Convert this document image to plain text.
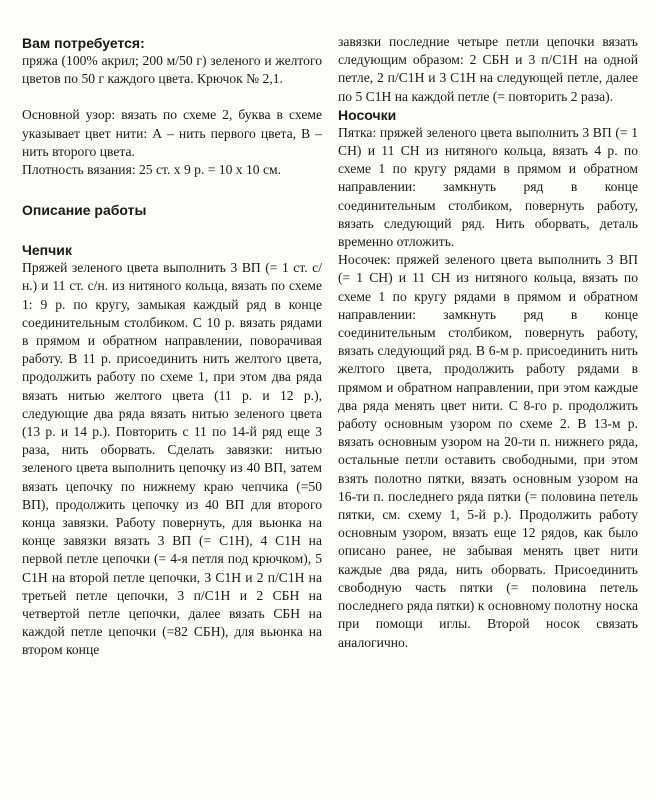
Вам потребуется:

пряжа (100% акрил; 200 м/50 г) зеленого и желтого цветов по 50 г каждого цвета. Крючок № 2,1.

Основной узор: вязать по схеме 2, буква в схеме указывает цвет нити: А – нить первого цвета, В – нить второго цвета.

Плотность вязания: 25 ст. х 9 р. = 10 х 10 см.

Описание работы

Чепчик

Пряжей зеленого цвета выполнить 3 ВП (= 1 ст. с/н.) и 11 ст. с/н. из нитяного кольца, вязать по схеме 1: 9 р. по кругу, замыкая каждый ряд в конце соединительным столбиком. С 10 р. вязать рядами в прямом и обратном направлении, поворачивая работу. В 11 р. присоединить нить желтого цвета, продолжить работу по схеме 1, при этом два ряда вязать нитью желтого цвета (11 р. и 12 р.), следующие два ряда вязать нитью зеленого цвета (13 р. и 14 р.). Повторить с 11 по 14-й ряд еще 3 раза, нить оборвать. Сделать завязки: нитью зеленого цвета выполнить цепочку из 40 ВП, затем вязать цепочку по нижнему краю чепчика (=50 ВП), продолжить цепочку из 40 ВП для второго конца завязки. Работу повернуть, для вьюнка на конце завязки вязать 3 ВП (= С1Н), 4 С1Н на первой петле цепочки (= 4-я петля под крючком), 5 С1Н на второй петле цепочки, 3 С1Н и 2 п/С1Н на третьей петле цепочки, 3 п/С1Н и 2 СБН на четвертой петле цепочки, далее вязать СБН на каждой петле цепочки (=82 СБН), для вьюнка на втором конце

завязки последние четыре петли цепочки вязать следующим образом: 2 СБН и 3 п/С1Н на одной петле, 2 п/С1Н и 3 С1Н на следующей петле, далее по 5 С1Н на каждой петле (= повторить 2 раза).

Носочки

Пятка: пряжей зеленого цвета выполнить 3 ВП (= 1 СН) и 11 СН из нитяного кольца, вязать 4 р. по схеме 1 по кругу рядами в прямом и обратном направлении: замкнуть ряд в конце соединительным столбиком, повернуть работу, вязать следующий ряд. Нить оборвать, деталь временно отложить.

Носочек: пряжей зеленого цвета выполнить 3 ВП (= 1 СН) и 11 СН из нитяного кольца, вязать по схеме 1 по кругу рядами в прямом и обратном направлении: замкнуть ряд в конце соединительным столбиком, повернуть работу, вязать следующий ряд. В 6-м р. присоединить нить желтого цвета, продолжить работу рядами в прямом и обратном направлении, при этом каждые два ряда менять цвет нити. С 8-го р. продолжить работу основным узором по схеме 2. В 13-м р. вязать основным узором на 20-ти п. нижнего ряда, остальные петли оставить свободными, при этом взять полотно пятки, вязать основным узором на 16-ти п. последнего ряда пятки (= половина петель пятки, см. схему 1, 5-й р.). Продолжить работу основным узором, вязать еще 12 рядов, как было описано ранее, не забывая менять цвет нити каждые два ряда, нить оборвать. Присоединить свободную часть пятки (= половина петель последнего ряда пятки) к основному полотну носка при помощи иглы. Второй носок связать аналогично.
